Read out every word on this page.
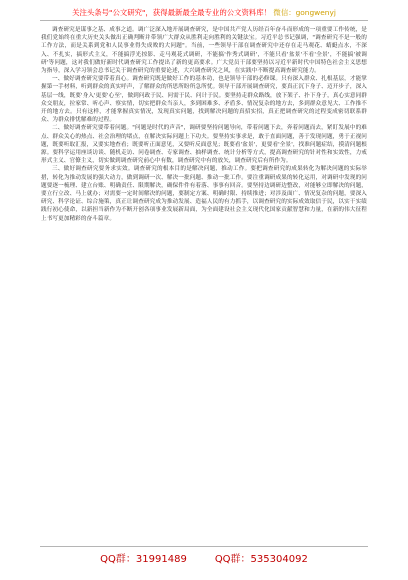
关注头条号"公文研究"，获得最新最全最专业的公文资料库！ 微信：gongwenyj

调查研究是谋事之基、成事之道。调广泛深入地开展调查研究，是中国共产党人历经百年奋斗而形成的一项重要工作传统，是我们党始终在重大历史关头做出正确判断并带领广大群众从胜利走向胜利的关键法宝。习近平总书记强调，"调查研究不是一般的工作方法，而是关系到党和人民事业得失成败的大问题"。当前，一些领导干部在调查研究中还存在走马观花、蜻蜓点水，不深入、不扎实，搞形式主义，不能搞浮光掠影、走马观花式调研，不能搞'作秀式调研'，不能只看'盆景'不看'全景'，不能搞'被调研'等问题，这对我们做好新时代调查研究工作提出了新的更高要求。广大党员干部要坚持以习近平新时代中国特色社会主义思想为指导，深入学习领会总书记关于调查研究的重要论述，大兴调查研究之风，在实践中不断提高调查研究能力。

一、做好调查研究要带着真心。调查研究既是做好工作的基本功，也是领导干部的必修课。只有深入群众、扎根基层，才能掌握第一手材料，听到群众的真实呼声，了解群众的所思所盼所急所忧。领导干部开展调查研究，要真正沉下身子、迈开步子，深入基层一线，既要'身入'更要'心至'，做到问政于民、问需于民、问计于民。要坚持走群众路线，放下架子、扑下身子，真心实意同群众交朋友，拉家常、听心声、察实情，切实把群众当亲人，多到困难多、矛盾多、情况复杂的地方去，多到群众意见大、工作推不开的地方去。只有这样，才能掌握真实情况，发现真实问题，找到解决问题的真招实招，真正把调查研究的过程变成密切联系群众、为群众排忧解难的过程。

二、做好调查研究要带着问题。"问题是时代的声音"，调研要坚持问题导向，带着问题下去，奔着问题而去，紧盯发展中的难点、群众关心的热点、社会治理的堵点，在解决实际问题上下功夫。要坚持实事求是，敢于直面问题，善于发现问题，勇于正视问题，既要听取汇报，又要实地查看；既要听正面意见，又要听反面意见；既要看'盆景'，更要看'全景'，找准问题症结，摸清问题根源。要科学运用座谈访谈、随机走访、问卷调查、专家调查、抽样调查、统计分析等方式，提高调查研究的针对性和实效性，力戒形式主义、官僚主义，切实做到调查研究前心中有数，调查研究中有的放矢，调查研究后有所作为。

三、做好调查研究要务求实效。调查研究的根本目的是解决问题，推动工作。要把调查研究的成果转化为解决问题的实际举措，转化为推动发展的强大动力，做到调研一次、解决一批问题、推动一批工作。要注重调研成果的转化运用，对调研中发现的问题要逐一梳理、建立台账、明确责任、限期解决，确保件件有着落、事事有回音。要坚持边调研边整改，对能够立即解决的问题，要立行立改、马上就办；对需要一定时间解决的问题，要制定方案、明确时限、持续推进；对涉及面广、情况复杂的问题，要深入研究、科学论证、综合施策，真正让调查研究成为推动发展、造福人民的有力抓手，以调查研究的实际成效取信于民，以实干实绩践行初心使命，以新担当新作为不断开创各项事业发展新局面，为全面建设社会主义现代化国家贡献智慧和力量，在新的伟大征程上书写更加精彩的奋斗篇章。

QQ群：31991489	QQ群：535304092
